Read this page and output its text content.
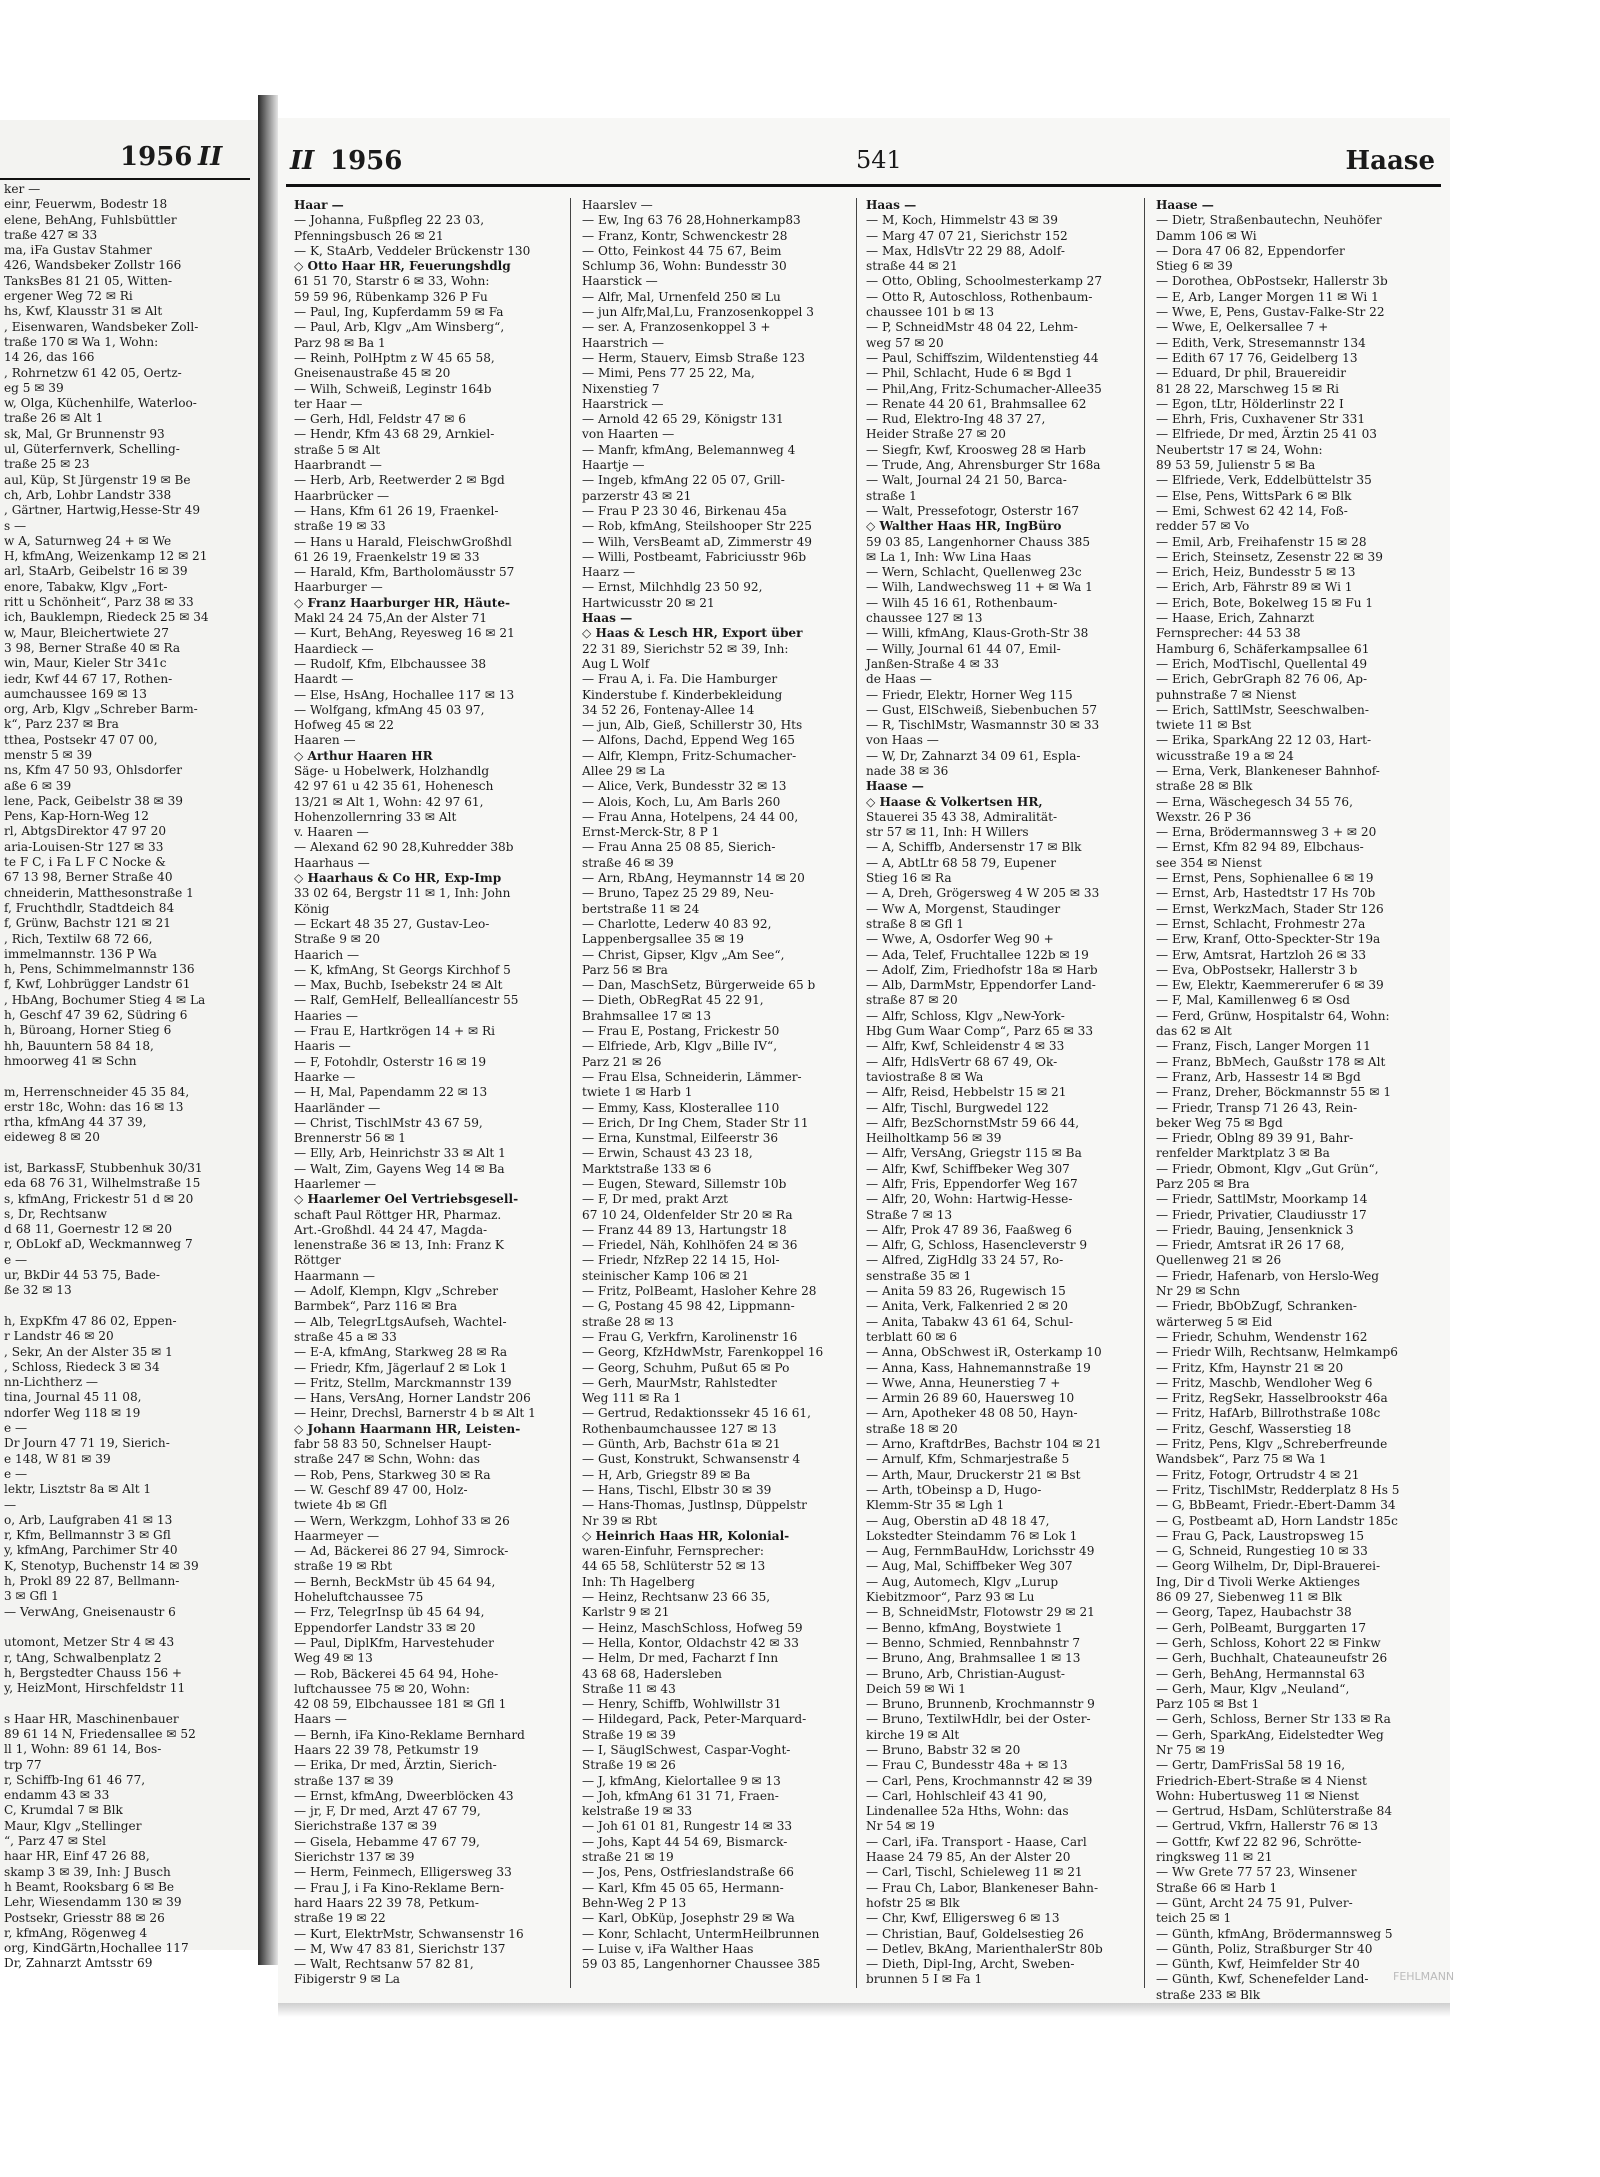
1956 II
ker —
einr, Feuerwm, Bodestr 18
elene, BehAng, Fuhlsbüttler
traße 427 ✉ 33
ma, iFa Gustav Stahmer
426, Wandsbeker Zollstr 166
TanksBes 81 21 05, Witten-
ergener Weg 72 ✉ Ri
hs, Kwf, Klausstr 31 ✉ Alt
, Eisenwaren, Wandsbeker Zoll-
traße 170 ✉ Wa 1, Wohn:
14 26, das 166
, Rohrnetzw 61 42 05, Oertz-
eg 5 ✉ 39
w, Olga, Küchenhilfe, Waterloo-
traße 26 ✉ Alt 1
sk, Mal, Gr Brunnenstr 93
ul, Güterfernverk, Schelling-
traße 25 ✉ 23
aul, Küp, St Jürgenstr 19 ✉ Be
ch, Arb, Lohbr Landstr 338
, Gärtner, Hartwig,Hesse-Str 49
s —
w A, Saturnweg 24 + ✉ We
H, kfmAng, Weizenkamp 12 ✉ 21
arl, StaArb, Geibelstr 16 ✉ 39
enore, Tabakw, Klgv „Fort-
ritt u Schönheit“, Parz 38 ✉ 33
ich, Bauklempn, Riedeck 25 ✉ 34
w, Maur, Bleichertwiete 27
3 98, Berner Straße 40 ✉ Ra
win, Maur, Kieler Str 341c
iedr, Kwf 44 67 17, Rothen-
aumchaussee 169 ✉ 13
org, Arb, Klgv „Schreber Barm-
k“, Parz 237 ✉ Bra
tthea, Postsekr 47 07 00,
menstr 5 ✉ 39
ns, Kfm 47 50 93, Ohlsdorfer
aße 6 ✉ 39
lene, Pack, Geibelstr 38 ✉ 39
Pens, Kap-Horn-Weg 12
rl, AbtgsDirektor 47 97 20
aria-Louisen-Str 127 ✉ 33
te F C, i Fa L F C Nocke &
67 13 98, Berner Straße 40
chneiderin, Matthesonstraße 1
f, Fruchthdlr, Stadtdeich 84
f, Grünw, Bachstr 121 ✉ 21
, Rich, Textilw 68 72 66,
immelmannstr. 136 P Wa
h, Pens, Schimmelmannstr 136
f, Kwf, Lohbrügger Landstr 61
, HbAng, Bochumer Stieg 4 ✉ La
h, Geschf 47 39 62, Südring 6
h, Büroang, Horner Stieg 6
hh, Bauuntern 58 84 18,
hmoorweg 41 ✉ Schn

m, Herrenschneider 45 35 84,
erstr 18c, Wohn: das 16 ✉ 13
rtha, kfmAng 44 37 39,
eideweg 8 ✉ 20

ist, BarkassF, Stubbenhuk 30/31
eda 68 76 31, Wilhelmstraße 15
s, kfmAng, Frickestr 51 d ✉ 20
s, Dr, Rechtsanw
d 68 11, Goernestr 12 ✉ 20
r, ObLokf aD, Weckmannweg 7
e —
ur, BkDir 44 53 75, Bade-
ße 32 ✉ 13

h, ExpKfm 47 86 02, Eppen-
r Landstr 46 ✉ 20
, Sekr, An der Alster 35 ✉ 1
, Schloss, Riedeck 3 ✉ 34
nn-Lichtherz —
tina, Journal 45 11 08,
ndorfer Weg 118 ✉ 19
e —
Dr Journ 47 71 19, Sierich-
e 148, W 81 ✉ 39
e —
lektr, Lisztstr 8a ✉ Alt 1
—
o, Arb, Laufgraben 41 ✉ 13
r, Kfm, Bellmannstr 3 ✉ Gfl
y, kfmAng, Parchimer Str 40
K, Stenotyp, Buchenstr 14 ✉ 39
h, Prokl 89 22 87, Bellmann-
3 ✉ Gfl 1
— VerwAng, Gneisenaustr 6

utomont, Metzer Str 4 ✉ 43
r, tAng, Schwalbenplatz 2
h, Bergstedter Chauss 156 +
y, HeizMont, Hirschfeldstr 11

s Haar HR, Maschinenbauer
89 61 14 N, Friedensallee ✉ 52
ll 1, Wohn: 89 61 14, Bos-
trp 77
r, Schiffb-Ing 61 46 77,
endamm 43 ✉ 33
C, Krumdal 7 ✉ Blk
Maur, Klgv „Stellinger
“, Parz 47 ✉ Stel
haar HR, Einf 47 26 88,
skamp 3 ✉ 39, Inh: J Busch
h Beamt, Rooksbarg 6 ✉ Be
Lehr, Wiesendamm 130 ✉ 39
Postsekr, Griesstr 88 ✉ 26
r, kfmAng, Rögenweg 4
org, KindGärtn,Hochallee 117
Dr, Zahnarzt Amtsstr 69
II 1956	541	Haase
Haar —
— Johanna, Fußpfleg 22 23 03,
Pfenningsbusch 26 ✉ 21
— K, StaArb, Veddeler Brückenstr 130
◇ Otto Haar HR, Feuerungshdlg
61 51 70, Starstr 6 ✉ 33, Wohn:
59 59 96, Rübenkamp 326 P Fu
— Paul, Ing, Kupferdamm 59 ✉ Fa
— Paul, Arb, Klgv „Am Winsberg“,
Parz 98 ✉ Ba 1
— Reinh, PolHptm z W 45 65 58,
Gneisenaustraße 45 ✉ 20
— Wilh, Schweiß, Leginstr 164b
ter Haar —
— Gerh, Hdl, Feldstr 47 ✉ 6
— Hendr, Kfm 43 68 29, Arnkiel-
straße 5 ✉ Alt
Haarbrandt —
— Herb, Arb, Reetwerder 2 ✉ Bgd
Haarbrücker —
— Hans, Kfm 61 26 19, Fraenkel-
straße 19 ✉ 33
— Hans u Harald, FleischwGroßhdl
61 26 19, Fraenkelstr 19 ✉ 33
— Harald, Kfm, Bartholomäusstr 57
Haarburger —
◇ Franz Haarburger HR, Häute-
Makl 24 24 75,An der Alster 71
— Kurt, BehAng, Reyesweg 16 ✉ 21
Haardieck —
— Rudolf, Kfm, Elbchaussee 38
Haardt —
— Else, HsAng, Hochallee 117 ✉ 13
— Wolfgang, kfmAng 45 03 97,
Hofweg 45 ✉ 22
Haaren —
◇ Arthur Haaren HR
Säge- u Hobelwerk, Holzhandlg
42 97 61 u 42 35 61, Hohenesch
13/21 ✉ Alt 1, Wohn: 42 97 61,
Hohenzollernring 33 ✉ Alt
v. Haaren —
— Alexand 62 90 28,Kuhredder 38b
Haarhaus —
◇ Haarhaus & Co HR, Exp-Imp
33 02 64, Bergstr 11 ✉ 1, Inh: John
König
— Eckart 48 35 27, Gustav-Leo-
Straße 9 ✉ 20
Haarich —
— K, kfmAng, St Georgs Kirchhof 5
— Max, Buchb, Isebekstr 24 ✉ Alt
— Ralf, GemHelf, Belleallíancestr 55
Haaries —
— Frau E, Hartkrögen 14 + ✉ Ri
Haaris —
— F, Fotohdlr, Osterstr 16 ✉ 19
Haarke —
— H, Mal, Papendamm 22 ✉ 13
Haarländer —
— Christ, TischlMstr 43 67 59,
Brennerstr 56 ✉ 1
— Elly, Arb, Heinrichstr 33 ✉ Alt 1
— Walt, Zim, Gayens Weg 14 ✉ Ba
Haarlemer —
◇ Haarlemer Oel Vertriebsgesell-
schaft Paul Röttger HR, Pharmaz.
Art.-Großhdl. 44 24 47, Magda-
lenenstraße 36 ✉ 13, Inh: Franz K
Röttger
Haarmann —
— Adolf, Klempn, Klgv „Schreber
Barmbek“, Parz 116 ✉ Bra
— Alb, TelegrLtgsAufseh, Wachtel-
straße 45 a ✉ 33
— E-A, kfmAng, Starkweg 28 ✉ Ra
— Friedr, Kfm, Jägerlauf 2 ✉ Lok 1
— Fritz, Stellm, Marckmannstr 139
— Hans, VersAng, Horner Landstr 206
— Heinr, Drechsl, Barnerstr 4 b ✉ Alt 1
◇ Johann Haarmann HR, Leisten-
fabr 58 83 50, Schnelser Haupt-
straße 247 ✉ Schn, Wohn: das
— Rob, Pens, Starkweg 30 ✉ Ra
— W. Geschf 89 47 00, Holz-
twiete 4b ✉ Gfl
— Wern, Werkzgm, Lohhof 33 ✉ 26
Haarmeyer —
— Ad, Bäckerei 86 27 94, Simrock-
straße 19 ✉ Rbt
— Bernh, BeckMstr üb 45 64 94,
Hoheluftchaussee 75
— Frz, TelegrInsp üb 45 64 94,
Eppendorfer Landstr 33 ✉ 20
— Paul, DiplKfm, Harvestehuder
Weg 49 ✉ 13
— Rob, Bäckerei 45 64 94, Hohe-
luftchaussee 75 ✉ 20, Wohn:
42 08 59, Elbchaussee 181 ✉ Gfl 1
Haars —
— Bernh, iFa Kino-Reklame Bernhard
Haars 22 39 78, Petkumstr 19
— Erika, Dr med, Ärztin, Sierich-
straße 137 ✉ 39
— Ernst, kfmAng, Dweerblöcken 43
— jr, F, Dr med, Arzt 47 67 79,
Sierichstraße 137 ✉ 39
— Gisela, Hebamme 47 67 79,
Sierichstr 137 ✉ 39
— Herm, Feinmech, Elligersweg 33
— Frau J, i Fa Kino-Reklame Bern-
hard Haars 22 39 78, Petkum-
straße 19 ✉ 22
— Kurt, ElektrMstr, Schwansenstr 16
— M, Ww 47 83 81, Sierichstr 137
— Walt, Rechtsanw 57 82 81,
Fibigerstr 9 ✉ La
Haarslev —
— Ew, Ing 63 76 28,Hohnerkamp83
— Franz, Kontr, Schwenckestr 28
— Otto, Feinkost 44 75 67, Beim
Schlump 36, Wohn: Bundesstr 30
Haarstick —
— Alfr, Mal, Urnenfeld 250 ✉ Lu
— jun Alfr,Mal,Lu, Franzosenkoppel 3
— ser. A, Franzosenkoppel 3 +
Haarstrich —
— Herm, Stauerv, Eimsb Straße 123
— Mimi, Pens 77 25 22, Ma,
Nixenstieg 7
Haarstrick —
— Arnold 42 65 29, Königstr 131
von Haarten —
— Manfr, kfmAng, Belemannweg 4
Haartje —
— Ingeb, kfmAng 22 05 07, Grill-
parzerstr 43 ✉ 21
— Frau P 23 30 46, Birkenau 45a
— Rob, kfmAng, Steilshooper Str 225
— Wilh, VersBeamt aD, Zimmerstr 49
— Willi, Postbeamt, Fabriciusstr 96b
Haarz —
— Ernst, Milchhdlg 23 50 92,
Hartwicusstr 20 ✉ 21
Haas —
◇ Haas & Lesch HR, Export über
22 31 89, Sierichstr 52 ✉ 39, Inh:
Aug L Wolf
— Frau A, i. Fa. Die Hamburger
Kinderstube f. Kinderbekleidung
34 52 26, Fontenay-Allee 14
— jun, Alb, Gieß, Schillerstr 30, Hts
— Alfons, Dachd, Eppend Weg 165
— Alfr, Klempn, Fritz-Schumacher-
Allee 29 ✉ La
— Alice, Verk, Bundesstr 32 ✉ 13
— Alois, Koch, Lu, Am Barls 260
— Frau Anna, Hotelpens, 24 44 00,
Ernst-Merck-Str, 8 P 1
— Frau Anna 25 08 85, Sierich-
straße 46 ✉ 39
— Arn, RbAng, Heymannstr 14 ✉ 20
— Bruno, Tapez 25 29 89, Neu-
bertstraße 11 ✉ 24
— Charlotte, Lederw 40 83 92,
Lappenbergsallee 35 ✉ 19
— Christ, Gipser, Klgv „Am See“,
Parz 56 ✉ Bra
— Dan, MaschSetz, Bürgerweide 65 b
— Dieth, ObRegRat 45 22 91,
Brahmsallee 17 ✉ 13
— Frau E, Postang, Frickestr 50
— Elfriede, Arb, Klgv „Bille IV“,
Parz 21 ✉ 26
— Frau Elsa, Schneiderin, Lämmer-
twiete 1 ✉ Harb 1
— Emmy, Kass, Klosterallee 110
— Erich, Dr Ing Chem, Stader Str 11
— Erna, Kunstmal, Eilfeerstr 36
— Erwin, Schaust 43 23 18,
Marktstraße 133 ✉ 6
— Eugen, Steward, Sillemstr 10b
— F, Dr med, prakt Arzt
67 10 24, Oldenfelder Str 20 ✉ Ra
— Franz 44 89 13, Hartungstr 18
— Friedel, Näh, Kohlhöfen 24 ✉ 36
— Friedr, NfzRep 22 14 15, Hol-
steinischer Kamp 106 ✉ 21
— Fritz, PolBeamt, Hasloher Kehre 28
— G, Postang 45 98 42, Lippmann-
straße 28 ✉ 13
— Frau G, Verkfrn, Karolinenstr 16
— Georg, KfzHdwMstr, Farenkoppel 16
— Georg, Schuhm, Pußut 65 ✉ Po
— Gerh, MaurMstr, Rahlstedter
Weg 111 ✉ Ra 1
— Gertrud, Redaktionssekr 45 16 61,
Rothenbaumchaussee 127 ✉ 13
— Günth, Arb, Bachstr 61a ✉ 21
— Gust, Konstrukt, Schwansenstr 4
— H, Arb, Griegstr 89 ✉ Ba
— Hans, Tischl, Elbstr 30 ✉ 39
— Hans-Thomas, Justlnsp, Düppelstr
Nr 39 ✉ Rbt
◇ Heinrich Haas HR, Kolonial-
waren-Einfuhr, Fernsprecher:
44 65 58, Schlüterstr 52 ✉ 13
Inh: Th Hagelberg
— Heinz, Rechtsanw 23 66 35,
Karlstr 9 ✉ 21
— Heinz, MaschSchloss, Hofweg 59
— Hella, Kontor, Oldachstr 42 ✉ 33
— Helm, Dr med, Facharzt f Inn
43 68 68, Hadersleben
Straße 11 ✉ 43
— Henry, Schiffb, Wohlwillstr 31
— Hildegard, Pack, Peter-Marquard-
Straße 19 ✉ 39
— I, SäuglSchwest, Caspar-Voght-
Straße 19 ✉ 26
— J, kfmAng, Kielortallee 9 ✉ 13
— Joh, kfmAng 61 31 71, Fraen-
kelstraße 19 ✉ 33
— Joh 61 01 81, Rungestr 14 ✉ 33
— Johs, Kapt 44 54 69, Bismarck-
straße 21 ✉ 19
— Jos, Pens, Ostfrieslandstraße 66
— Karl, Kfm 45 05 65, Hermann-
Behn-Weg 2 P 13
— Karl, ObKüp, Josephstr 29 ✉ Wa
— Konr, Schlacht, UntermHeilbrunnen
— Luise v, iFa Walther Haas
59 03 85, Langenhorner Chaussee 385
Haas —
— M, Koch, Himmelstr 43 ✉ 39
— Marg 47 07 21, Sierichstr 152
— Max, HdlsVtr 22 29 88, Adolf-
straße 44 ✉ 21
— Otto, Obling, Schoolmesterkamp 27
— Otto R, Autoschloss, Rothenbaum-
chaussee 101 b ✉ 13
— P, SchneidMstr 48 04 22, Lehm-
weg 57 ✉ 20
— Paul, Schiffszim, Wildentenstieg 44
— Phil, Schlacht, Hude 6 ✉ Bgd 1
— Phil,Ang, Fritz-Schumacher-Allee35
— Renate 44 20 61, Brahmsallee 62
— Rud, Elektro-Ing 48 37 27,
Heider Straße 27 ✉ 20
— Siegfr, Kwf, Kroosweg 28 ✉ Harb
— Trude, Ang, Ahrensburger Str 168a
— Walt, Journal 24 21 50, Barca-
straße 1
— Walt, Pressefotogr, Osterstr 167
◇ Walther Haas HR, IngBüro
59 03 85, Langenhorner Chauss 385
✉ La 1, Inh: Ww Lina Haas
— Wern, Schlacht, Quellenweg 23c
— Wilh, Landwechsweg 11 + ✉ Wa 1
— Wilh 45 16 61, Rothenbaum-
chaussee 127 ✉ 13
— Willi, kfmAng, Klaus-Groth-Str 38
— Willy, Journal 61 44 07, Emil-
Janßen-Straße 4 ✉ 33
de Haas —
— Friedr, Elektr, Horner Weg 115
— Gust, ElSchweiß, Siebenbuchen 57
— R, TischlMstr, Wasmannstr 30 ✉ 33
von Haas —
— W, Dr, Zahnarzt 34 09 61, Espla-
nade 38 ✉ 36
Haase —
◇ Haase & Volkertsen HR,
Stauerei 35 43 38, Admiralität-
str 57 ✉ 11, Inh: H Willers
— A, Schiffb, Andersenstr 17 ✉ Blk
— A, AbtLtr 68 58 79, Eupener
Stieg 16 ✉ Ra
— A, Dreh, Grögersweg 4 W 205 ✉ 33
— Ww A, Morgenst, Staudinger
straße 8 ✉ Gfl 1
— Wwe, A, Osdorfer Weg 90 +
— Ada, Telef, Fruchtallee 122b ✉ 19
— Adolf, Zim, Friedhofstr 18a ✉ Harb
— Alb, DarmMstr, Eppendorfer Land-
straße 87 ✉ 20
— Alfr, Schloss, Klgv „New-York-
Hbg Gum Waar Comp“, Parz 65 ✉ 33
— Alfr, Kwf, Schleidenstr 4 ✉ 33
— Alfr, HdlsVertr 68 67 49, Ok-
taviostraße 8 ✉ Wa
— Alfr, Reisd, Hebbelstr 15 ✉ 21
— Alfr, Tischl, Burgwedel 122
— Alfr, BezSchornstMstr 59 66 44,
Heilholtkamp 56 ✉ 39
— Alfr, VersAng, Griegstr 115 ✉ Ba
— Alfr, Kwf, Schiffbeker Weg 307
— Alfr, Fris, Eppendorfer Weg 167
— Alfr, 20, Wohn: Hartwig-Hesse-
Straße 7 ✉ 13
— Alfr, Prok 47 89 36, Faaßweg 6
— Alfr, G, Schloss, Hasencleverstr 9
— Alfred, ZigHdlg 33 24 57, Ro-
senstraße 35 ✉ 1
— Anita 59 83 26, Rugewisch 15
— Anita, Verk, Falkenried 2 ✉ 20
— Anita, Tabakw 43 61 64, Schul-
terblatt 60 ✉ 6
— Anna, ObSchwest iR, Osterkamp 10
— Anna, Kass, Hahnemannstraße 19
— Wwe, Anna, Heunerstieg 7 +
— Armin 26 89 60, Hauersweg 10
— Arn, Apotheker 48 08 50, Hayn-
straße 18 ✉ 20
— Arno, KraftdrBes, Bachstr 104 ✉ 21
— Arnulf, Kfm, Schmarjestraße 5
— Arth, Maur, Druckerstr 21 ✉ Bst
— Arth, tObeinsp a D, Hugo-
Klemm-Str 35 ✉ Lgh 1
— Aug, Oberstin aD 48 18 47,
Lokstedter Steindamm 76 ✉ Lok 1
— Aug, FernmBauHdw, Lorichsstr 49
— Aug, Mal, Schiffbeker Weg 307
— Aug, Automech, Klgv „Lurup
Kiebitzmoor“, Parz 93 ✉ Lu
— B, SchneidMstr, Flotowstr 29 ✉ 21
— Benno, kfmAng, Boystwiete 1
— Benno, Schmied, Rennbahnstr 7
— Bruno, Ang, Brahmsallee 1 ✉ 13
— Bruno, Arb, Christian-August-
Deich 59 ✉ Wi 1
— Bruno, Brunnenb, Krochmannstr 9
— Bruno, TextilwHdlr, bei der Oster-
kirche 19 ✉ Alt
— Bruno, Babstr 32 ✉ 20
— Frau C, Bundesstr 48a + ✉ 13
— Carl, Pens, Krochmannstr 42 ✉ 39
— Carl, Hohlschleif 43 41 90,
Lindenallee 52a Hths, Wohn: das
Nr 54 ✉ 19
— Carl, iFa. Transport - Haase, Carl
Haase 24 79 85, An der Alster 20
— Carl, Tischl, Schieleweg 11 ✉ 21
— Frau Ch, Labor, Blankeneser Bahn-
hofstr 25 ✉ Blk
— Chr, Kwf, Elligersweg 6 ✉ 13
— Christian, Bauf, Goldelsestieg 26
— Detlev, BkAng, MarienthalerStr 80b
— Dieth, Dipl-Ing, Archt, Sweben-
brunnen 5 I ✉ Fa 1
Haase —
— Dietr, Straßenbautechn, Neuhöfer
Damm 106 ✉ Wi
— Dora 47 06 82, Eppendorfer
Stieg 6 ✉ 39
— Dorothea, ObPostsekr, Hallerstr 3b
— E, Arb, Langer Morgen 11 ✉ Wi 1
— Wwe, E, Pens, Gustav-Falke-Str 22
— Wwe, E, Oelkersallee 7 +
— Edith, Verk, Stresemannstr 134
— Edith 67 17 76, Geidelberg 13
— Eduard, Dr phil, Brauereidir
81 28 22, Marschweg 15 ✉ Ri
— Egon, tLtr, Hölderlinstr 22 I
— Ehrh, Fris, Cuxhavener Str 331
— Elfriede, Dr med, Ärztin 25 41 03
Neubertstr 17 ✉ 24, Wohn:
89 53 59, Julienstr 5 ✉ Ba
— Elfriede, Verk, Eddelbüttelstr 35
— Else, Pens, WittsPark 6 ✉ Blk
— Emi, Schwest 62 42 14, Foß-
redder 57 ✉ Vo
— Emil, Arb, Freihafenstr 15 ✉ 28
— Erich, Steinsetz, Zesenstr 22 ✉ 39
— Erich, Heiz, Bundesstr 5 ✉ 13
— Erich, Arb, Fährstr 89 ✉ Wi 1
— Erich, Bote, Bokelweg 15 ✉ Fu 1
— Haase, Erich, Zahnarzt
Fernsprecher: 44 53 38
Hamburg 6, Schäferkampsallee 61
— Erich, ModTischl, Quellental 49
— Erich, GebrGraph 82 76 06, Ap-
puhnstraße 7 ✉ Nienst
— Erich, SattlMstr, Seeschwalben-
twiete 11 ✉ Bst
— Erika, SparkAng 22 12 03, Hart-
wicusstraße 19 a ✉ 24
— Erna, Verk, Blankeneser Bahnhof-
straße 28 ✉ Blk
— Erna, Wäschegesch 34 55 76,
Wexstr. 26 P 36
— Erna, Brödermannsweg 3 + ✉ 20
— Ernst, Kfm 82 94 89, Elbchaus-
see 354 ✉ Nienst
— Ernst, Pens, Sophienallee 6 ✉ 19
— Ernst, Arb, Hastedtstr 17 Hs 70b
— Ernst, WerkzMach, Stader Str 126
— Ernst, Schlacht, Frohmestr 27a
— Erw, Kranf, Otto-Speckter-Str 19a
— Erw, Amtsrat, Hartzloh 26 ✉ 33
— Eva, ObPostsekr, Hallerstr 3 b
— Ew, Elektr, Kaemmererufer 6 ✉ 39
— F, Mal, Kamillenweg 6 ✉ Osd
— Ferd, Grünw, Hospitalstr 64, Wohn:
das 62 ✉ Alt
— Franz, Fisch, Langer Morgen 11
— Franz, BbMech, Gaußstr 178 ✉ Alt
— Franz, Arb, Hassestr 14 ✉ Bgd
— Franz, Dreher, Böckmannstr 55 ✉ 1
— Friedr, Transp 71 26 43, Rein-
beker Weg 75 ✉ Bgd
— Friedr, Oblng 89 39 91, Bahr-
renfelder Marktplatz 3 ✉ Ba
— Friedr, Obmont, Klgv „Gut Grün“,
Parz 205 ✉ Bra
— Friedr, SattlMstr, Moorkamp 14
— Friedr, Privatier, Claudiusstr 17
— Friedr, Bauing, Jensenknick 3
— Friedr, Amtsrat iR 26 17 68,
Quellenweg 21 ✉ 26
— Friedr, Hafenarb, von Herslo-Weg
Nr 29 ✉ Schn
— Friedr, BbObZugf, Schranken-
wärterweg 5 ✉ Eid
— Friedr, Schuhm, Wendenstr 162
— Friedr Wilh, Rechtsanw, Helmkamp6
— Fritz, Kfm, Haynstr 21 ✉ 20
— Fritz, Maschb, Wendloher Weg 6
— Fritz, RegSekr, Hasselbrookstr 46a
— Fritz, HafArb, Billrothstraße 108c
— Fritz, Geschf, Wasserstieg 18
— Fritz, Pens, Klgv „Schreberfreunde
Wandsbek“, Parz 75 ✉ Wa 1
— Fritz, Fotogr, Ortrudstr 4 ✉ 21
— Fritz, TischlMstr, Redderplatz 8 Hs 5
— G, BbBeamt, Friedr.-Ebert-Damm 34
— G, Postbeamt aD, Horn Landstr 185c
— Frau G, Pack, Laustropsweg 15
— G, Schneid, Rungestieg 10 ✉ 33
— Georg Wilhelm, Dr, Dipl-Brauerei-
Ing, Dir d Tivoli Werke Aktienges
86 09 27, Siebenweg 11 ✉ Blk
— Georg, Tapez, Haubachstr 38
— Gerh, PolBeamt, Burggarten 17
— Gerh, Schloss, Kohort 22 ✉ Finkw
— Gerh, Buchhalt, Chateauneufstr 26
— Gerh, BehAng, Hermannstal 63
— Gerh, Maur, Klgv „Neuland“,
Parz 105 ✉ Bst 1
— Gerh, Schloss, Berner Str 133 ✉ Ra
— Gerh, SparkAng, Eidelstedter Weg
Nr 75 ✉ 19
— Gertr, DamFrisSal 58 19 16,
Friedrich-Ebert-Straße ✉ 4 Nienst
Wohn: Hubertusweg 11 ✉ Nienst
— Gertrud, HsDam, Schlüterstraße 84
— Gertrud, Vkfrn, Hallerstr 76 ✉ 13
— Gottfr, Kwf 22 82 96, Schrötte-
ringksweg 11 ✉ 21
— Ww Grete 77 57 23, Winsener
Straße 66 ✉ Harb 1
— Günt, Archt 24 75 91, Pulver-
teich 25 ✉ 1
— Günth, kfmAng, Brödermannsweg 5
— Günth, Poliz, Straßburger Str 40
— Günth, Kwf, Heimfelder Str 40
— Günth, Kwf, Schenefelder Land-
straße 233 ✉ Blk
FEHLMANN
